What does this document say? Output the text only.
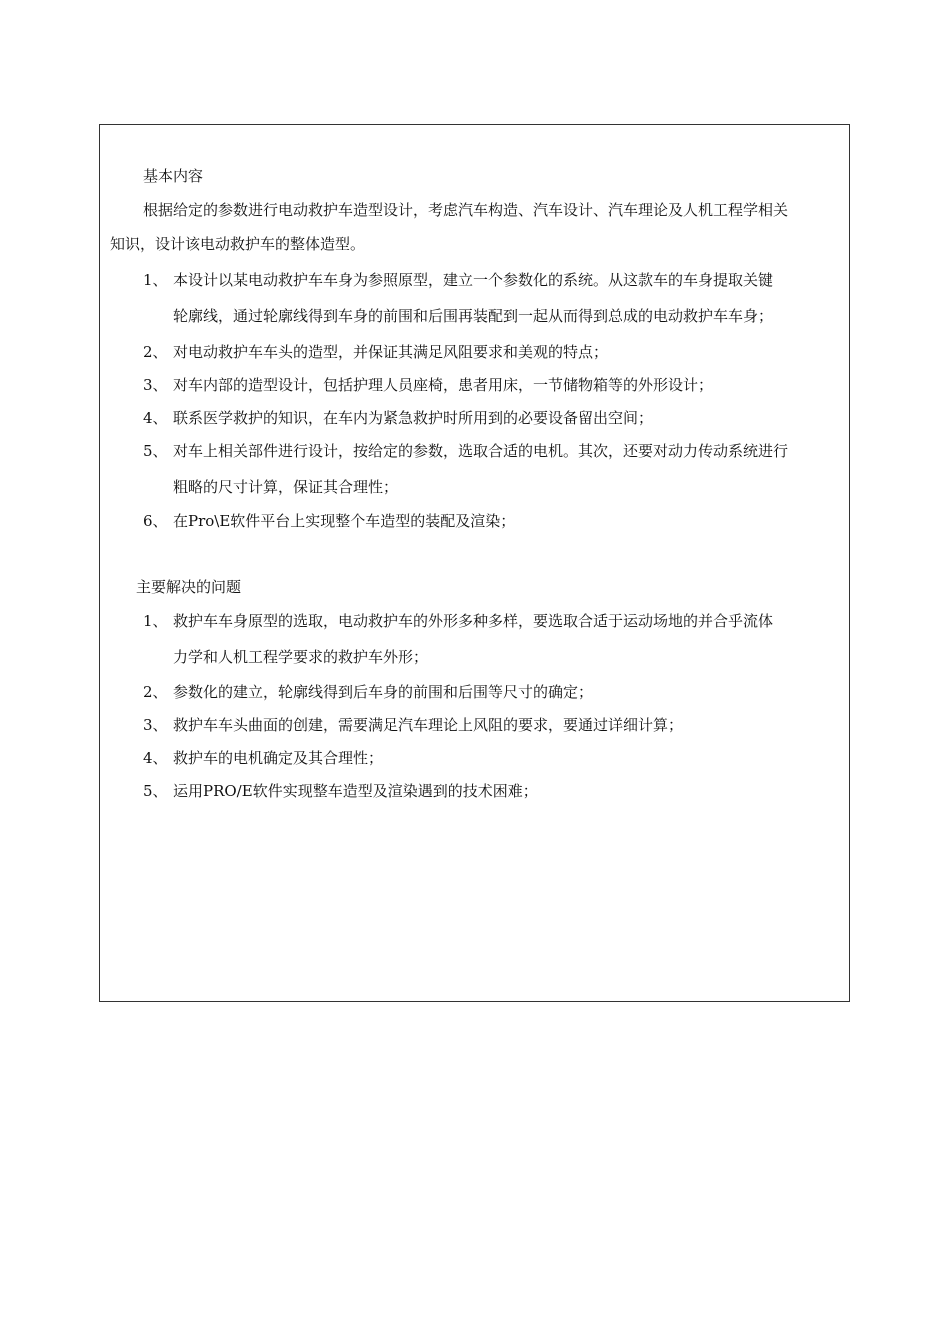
基本内容
根据给定的参数进行电动救护车造型设计，考虑汽车构造、汽车设计、汽车理论及人机工程学相关
知识，设计该电动救护车的整体造型。
1、 本设计以某电动救护车车身为参照原型，建立一个参数化的系统。从这款车的车身提取关键
轮廓线，通过轮廓线得到车身的前围和后围再装配到一起从而得到总成的电动救护车车身；
2、 对电动救护车车头的造型，并保证其满足风阻要求和美观的特点；
3、 对车内部的造型设计，包括护理人员座椅，患者用床，一节储物箱等的外形设计；
4、 联系医学救护的知识，在车内为紧急救护时所用到的必要设备留出空间；
5、 对车上相关部件进行设计，按给定的参数，选取合适的电机。其次，还要对动力传动系统进行
粗略的尺寸计算，保证其合理性；
6、 在Pro\E软件平台上实现整个车造型的装配及渲染；
主要解决的问题
1、 救护车车身原型的选取，电动救护车的外形多种多样，要选取合适于运动场地的并合乎流体
力学和人机工程学要求的救护车外形；
2、 参数化的建立，轮廓线得到后车身的前围和后围等尺寸的确定；
3、 救护车车头曲面的创建，需要满足汽车理论上风阻的要求，要通过详细计算；
4、 救护车的电机确定及其合理性；
5、 运用PRO/E软件实现整车造型及渲染遇到的技术困难；
